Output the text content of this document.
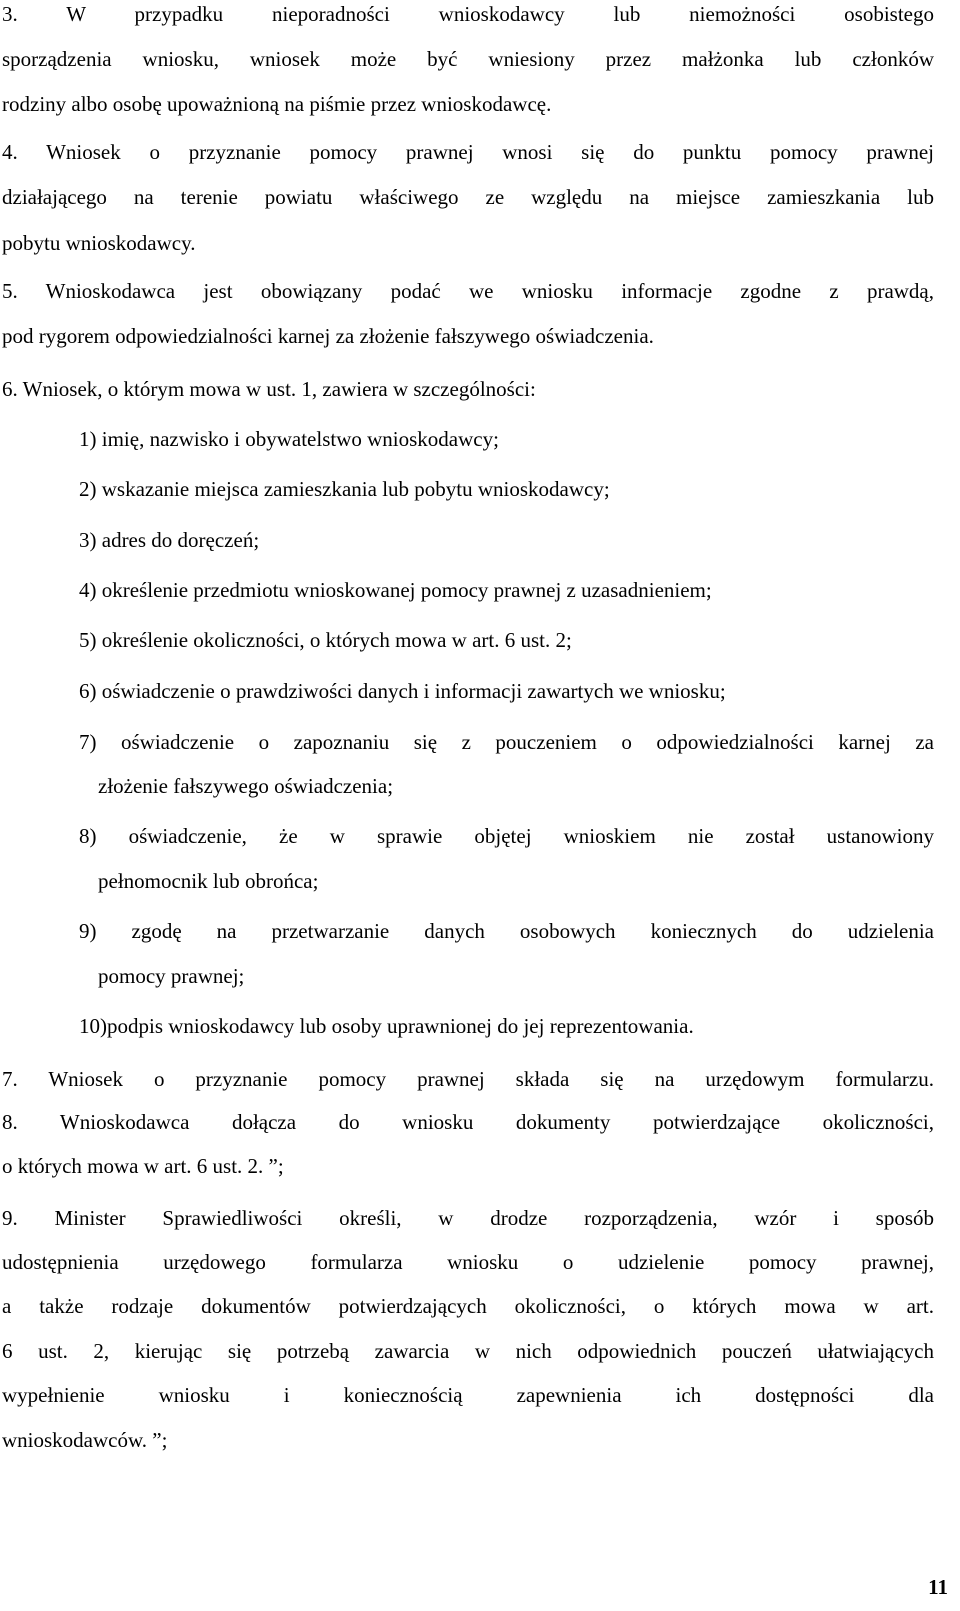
3. W przypadku nieporadności wnioskodawcy lub niemożności osobistego
sporządzenia wniosku, wniosek może być wniesiony przez małżonka lub członków
rodziny albo osobę upoważnioną na piśmie przez wnioskodawcę.
4. Wniosek o przyznanie pomocy prawnej wnosi się do punktu pomocy prawnej
działającego na terenie powiatu właściwego ze względu na miejsce zamieszkania lub
pobytu wnioskodawcy.
5. Wnioskodawca jest obowiązany podać we wniosku informacje zgodne z prawdą,
pod rygorem odpowiedzialności karnej za złożenie fałszywego oświadczenia.
6. Wniosek, o którym mowa w ust. 1, zawiera w szczególności:
1) imię, nazwisko i obywatelstwo wnioskodawcy;
2) wskazanie miejsca zamieszkania lub pobytu wnioskodawcy;
3) adres do doręczeń;
4) określenie przedmiotu wnioskowanej pomocy prawnej z uzasadnieniem;
5) określenie okoliczności, o których mowa w art. 6 ust. 2;
6) oświadczenie o prawdziwości danych i informacji zawartych we wniosku;
7) oświadczenie o zapoznaniu się z pouczeniem o odpowiedzialności karnej za
złożenie fałszywego oświadczenia;
8) oświadczenie, że w sprawie objętej wnioskiem nie został ustanowiony
pełnomocnik lub obrońca;
9) zgodę na przetwarzanie danych osobowych koniecznych do udzielenia
pomocy prawnej;
10)podpis wnioskodawcy lub osoby uprawnionej do jej reprezentowania.
7. Wniosek o przyznanie pomocy prawnej składa się na urzędowym formularzu.
8. Wnioskodawca dołącza do wniosku dokumenty potwierdzające okoliczności,
o których mowa w art. 6 ust. 2. ”;
9. Minister Sprawiedliwości określi, w drodze rozporządzenia, wzór i sposób
udostępnienia urzędowego formularza wniosku o udzielenie pomocy prawnej,
a także rodzaje dokumentów potwierdzających okoliczności, o których mowa w art.
6 ust. 2, kierując się potrzebą zawarcia w nich odpowiednich pouczeń ułatwiających
wypełnienie wniosku i koniecznością zapewnienia ich dostępności dla
wnioskodawców. ”;
11
